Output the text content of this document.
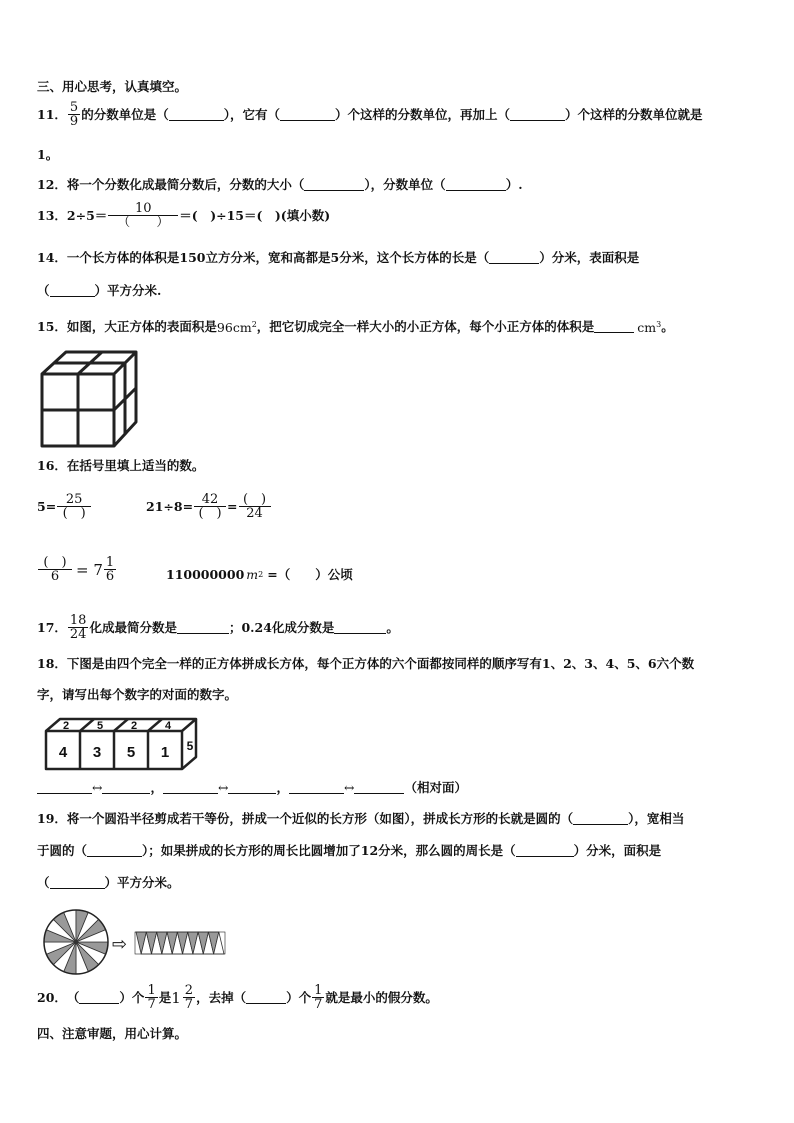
三、用心思考，认真填空。
11． $\frac{5}{9}$ 的分数单位是（	），它有（	）个这样的分数单位，再加上（	）个这样的分数单位就是
1。
12． 将一个分数化成最简分数后，分数的大小（	），分数单位（	）.
13． $2\div 5= \frac{10}{( )}$ ＝(　)÷15＝(　)(填小数)
14． 一个长方体的体积是150立方分米，宽和高都是5分米，这个长方体的长是（	）分米，表面积是
（	）平方分米.
15． 如图，大正方体的表面积是 $96cm^2$ ，把它切成完全一样大小的小正方体，每个小正方体的体积是	$cm^3$ 。
16． 在括号里填上适当的数。
$5= \frac{25}{( )}$	$21\div 8= \frac{42}{( )} = \frac{( )}{24}$
$\frac{( )}{6} = 7 \frac{1}{6}$	110000000 m 2 =（　　）公顷
17． $\frac{18}{24}$ 化成最简分数是	；0.24化成分数是	。
18． 下图是由四个完全一样的正方体拼成长方体，每个正方体的六个面都按同样的顺序写有1、2、3、4、5、6六个数
字，请写出每个数字的对面的数字。
2	5	2	4
4 3 5 1 5
↔	，	↔	，	↔	（相对面）
19． 将一个圆沿半径剪成若干等份，拼成一个近似的长方形（如图），拼成长方形的长就是圆的（	），宽相当
于圆的（	）；如果拼成的长方形的周长比圆增加了12分米，那么圆的周长是（	）分米，面积是
（	）平方分米。
⇨
20． （	）个 $\frac{1}{7}$ 是 $1 \frac{2}{7}$ ，去掉（	）个 $\frac{1}{7}$ 就是最小的假分数。
四、注意审题，用心计算。
